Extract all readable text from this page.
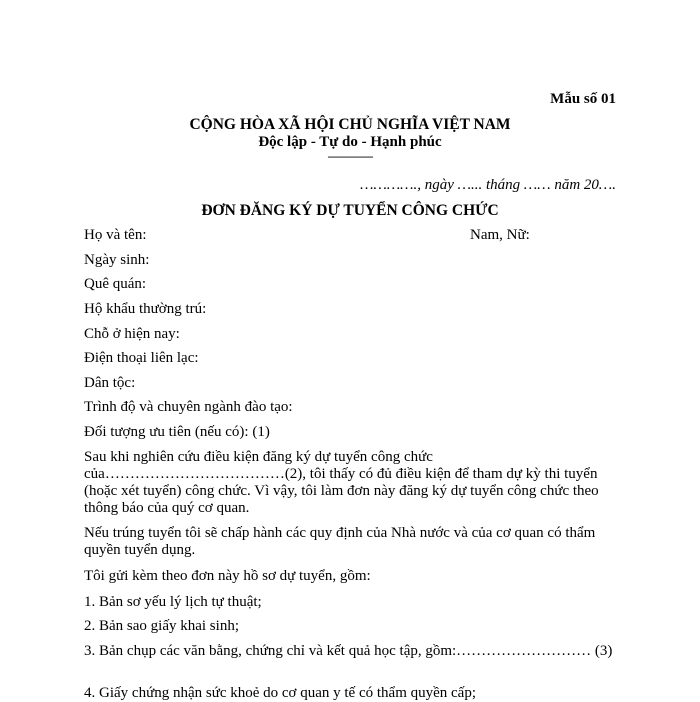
Mẫu số 01
CỘNG HÒA XÃ HỘI CHỦ NGHĨA VIỆT NAM
Độc lập - Tự do - Hạnh phúc
---------------
…………., ngày …... tháng …… năm 20….
ĐƠN ĐĂNG KÝ DỰ TUYỂN CÔNG CHỨC
Họ và tên:	Nam, Nữ:
Ngày sinh:
Quê quán:
Hộ khẩu thường trú:
Chỗ ở hiện nay:
Điện thoại liên lạc:
Dân tộc:
Trình độ và chuyên ngành đào tạo:
Đối tượng ưu tiên (nếu có): (1)
Sau khi nghiên cứu điều kiện đăng ký dự tuyển công chức của………………………………(2), tôi thấy có đủ điều kiện để tham dự kỳ thi tuyển (hoặc xét tuyển) công chức. Vì vậy, tôi làm đơn này đăng ký dự tuyển công chức theo thông báo của quý cơ quan.
Nếu trúng tuyển tôi sẽ chấp hành các quy định của Nhà nước và của cơ quan có thẩm quyền tuyển dụng.
Tôi gửi kèm theo đơn này hồ sơ dự tuyển, gồm:
1. Bản sơ yếu lý lịch tự thuật;
2. Bản sao giấy khai sinh;
3. Bản chụp các văn bằng, chứng chỉ và kết quả học tập, gồm:……………………… (3)
4. Giấy chứng nhận sức khoẻ do cơ quan y tế có thẩm quyền cấp;
